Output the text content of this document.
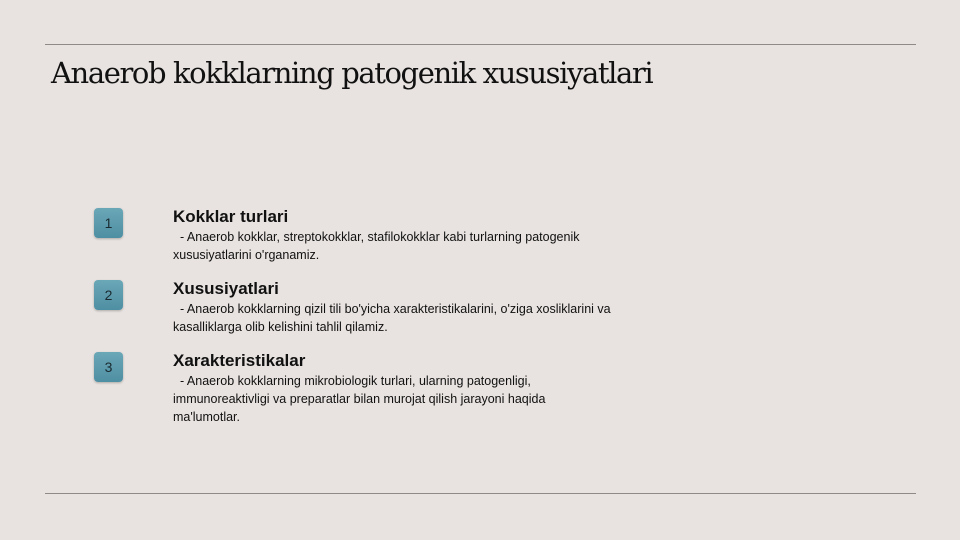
Anaerob kokklarning patogenik xususiyatlari
1	Kokklar turlari
- Anaerob kokklar, streptokokklar, stafilokokklar kabi turlarning patogenik xususiyatlarini o'rganamiz.
2	Xususiyatlari
- Anaerob kokklarning qizil tili bo'yicha xarakteristikalarini, o'ziga xosliklarini va kasalliklarga olib kelishini tahlil qilamiz.
3	Xarakteristikalar
- Anaerob kokklarning mikrobiologik turlari, ularning patogenligi, immunoreaktivligi va preparatlar bilan murojat qilish jarayoni haqida ma'lumotlar.
